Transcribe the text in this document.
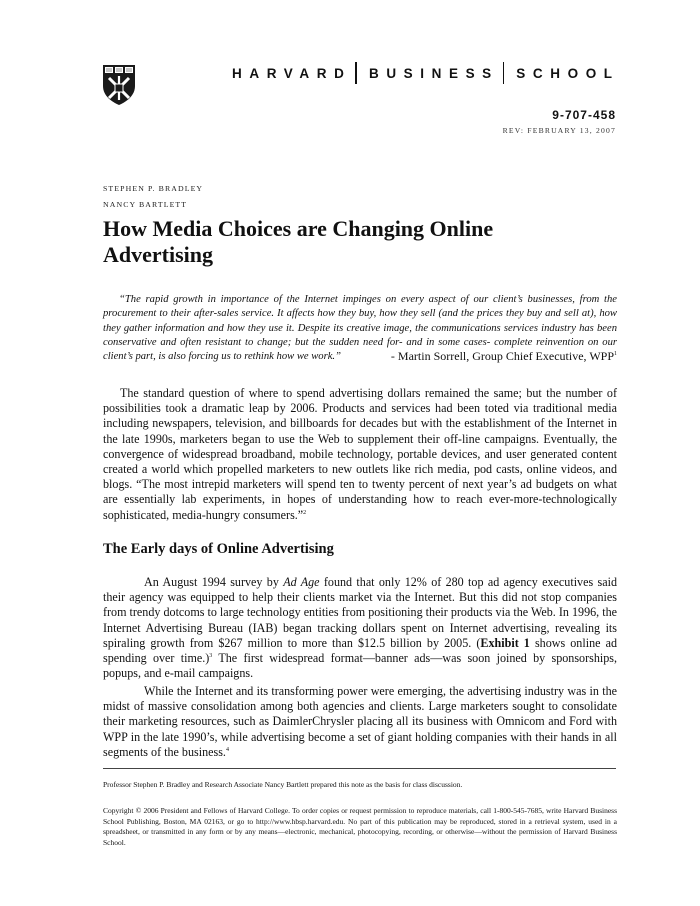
HARVARD BUSINESS SCHOOL
9-707-458
REV: FEBRUARY 13, 2007
STEPHEN P. BRADLEY
NANCY BARTLETT
How Media Choices are Changing Online Advertising
“The rapid growth in importance of the Internet impinges on every aspect of our client’s businesses, from the procurement to their after-sales service. It affects how they buy, how they sell (and the prices they buy and sell at), how they gather information and how they use it. Despite its creative image, the communications services industry has been conservative and often resistant to change; but the sudden need for- and in some cases- complete reinvention on our client’s part, is also forcing us to rethink how we work.”	- Martin Sorrell, Group Chief Executive, WPP$^1$

The standard question of where to spend advertising dollars remained the same; but the number of possibilities took a dramatic leap by 2006. Products and services had been toted via traditional media including newspapers, television, and billboards for decades but with the establishment of the Internet in the late 1990s, marketers began to use the Web to supplement their off-line campaigns. Eventually, the convergence of widespread broadband, mobile technology, portable devices, and user generated content created a world which propelled marketers to new outlets like rich media, pod casts, online videos, and blogs. “The most intrepid marketers will spend ten to twenty percent of next year’s ad budgets on what are essentially lab experiments, in hopes of understanding how to reach ever-more-technologically sophisticated, media-hungry consumers.”$^2$

The Early days of Online Advertising

An August 1994 survey by Ad Age found that only 12% of 280 top ad agency executives said their agency was equipped to help their clients market via the Internet. But this did not stop companies from trendy dotcoms to large technology entities from positioning their products via the Web. In 1996, the Internet Advertising Bureau (IAB) began tracking dollars spent on Internet advertising, revealing its spiraling growth from $267 million to more than $12.5 billion by 2005. (Exhibit 1 shows online ad spending over time.)$^3$ The first widespread format—banner ads—was soon joined by sponsorships, popups, and e-mail campaigns.

While the Internet and its transforming power were emerging, the advertising industry was in the midst of massive consolidation among both agencies and clients. Large marketers sought to consolidate their marketing resources, such as DaimlerChrysler placing all its business with Omnicom and Ford with WPP in the late 1990’s, while advertising become a set of giant holding companies with their hands in all segments of the business.$^4$

Professor Stephen P. Bradley and Research Associate Nancy Bartlett prepared this note as the basis for class discussion.
Copyright © 2006 President and Fellows of Harvard College. To order copies or request permission to reproduce materials, call 1-800-545-7685, write Harvard Business School Publishing, Boston, MA 02163, or go to http://www.hbsp.harvard.edu. No part of this publication may be reproduced, stored in a retrieval system, used in a spreadsheet, or transmitted in any form or by any means—electronic, mechanical, photocopying, recording, or otherwise—without the permission of Harvard Business School.
